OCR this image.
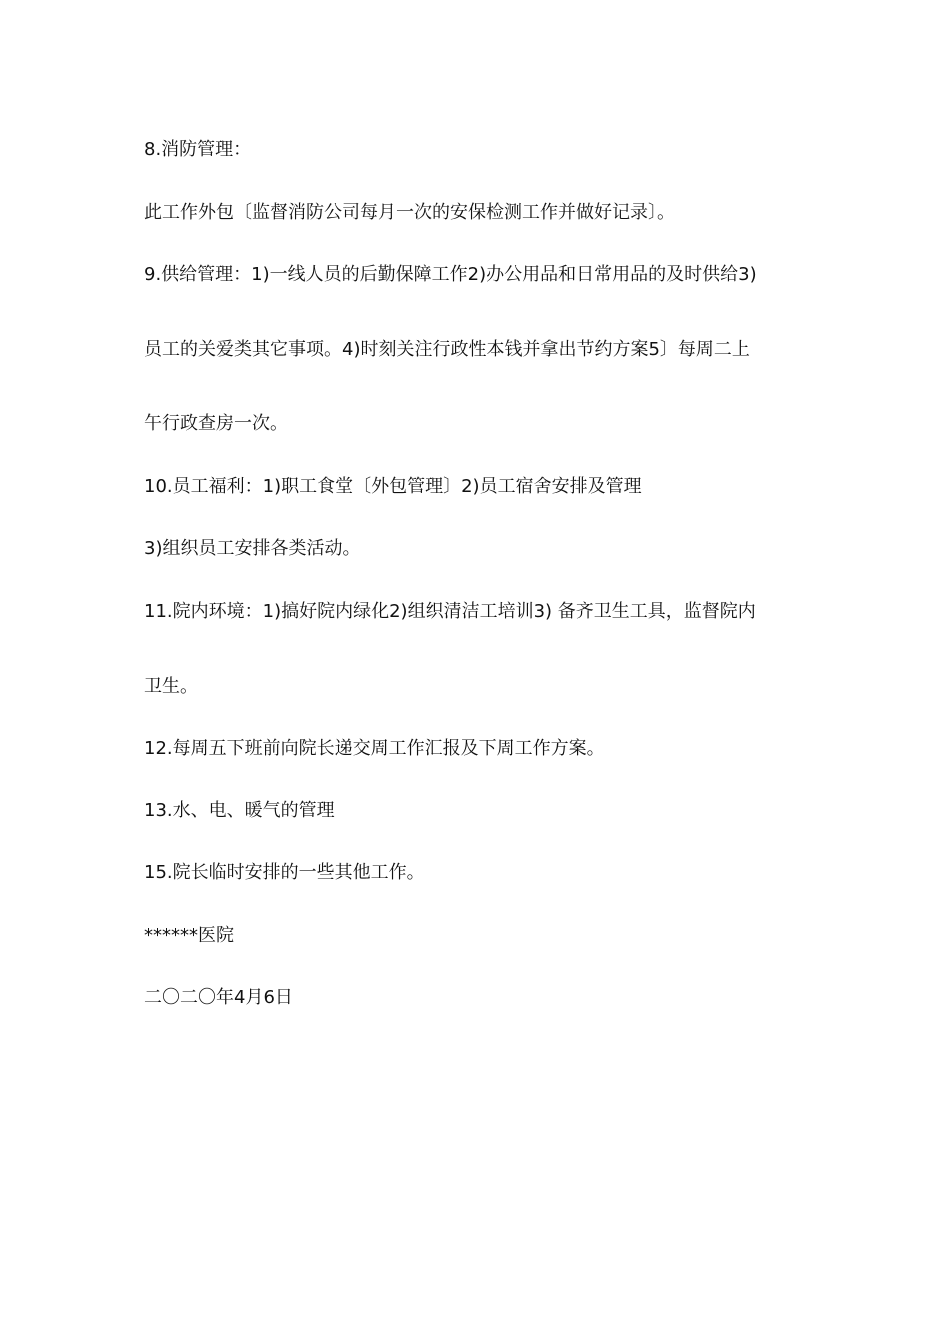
8.消防管理：
此工作外包〔监督消防公司每月一次的安保检测工作并做好记录〕。
9.供给管理：1)一线人员的后勤保障工作2)办公用品和日常用品的及时供给3)
员工的关爱类其它事项。4)时刻关注行政性本钱并拿出节约方案5〕每周二上
午行政查房一次。
10.员工福利：1)职工食堂〔外包管理〕2)员工宿舍安排及管理
3)组织员工安排各类活动。
11.院内环境：1)搞好院内绿化2)组织清洁工培训3) 备齐卫生工具，监督院内
卫生。
12.每周五下班前向院长递交周工作汇报及下周工作方案。
13.水、电、暖气的管理
15.院长临时安排的一些其他工作。
******医院
二〇二〇年4月6日
